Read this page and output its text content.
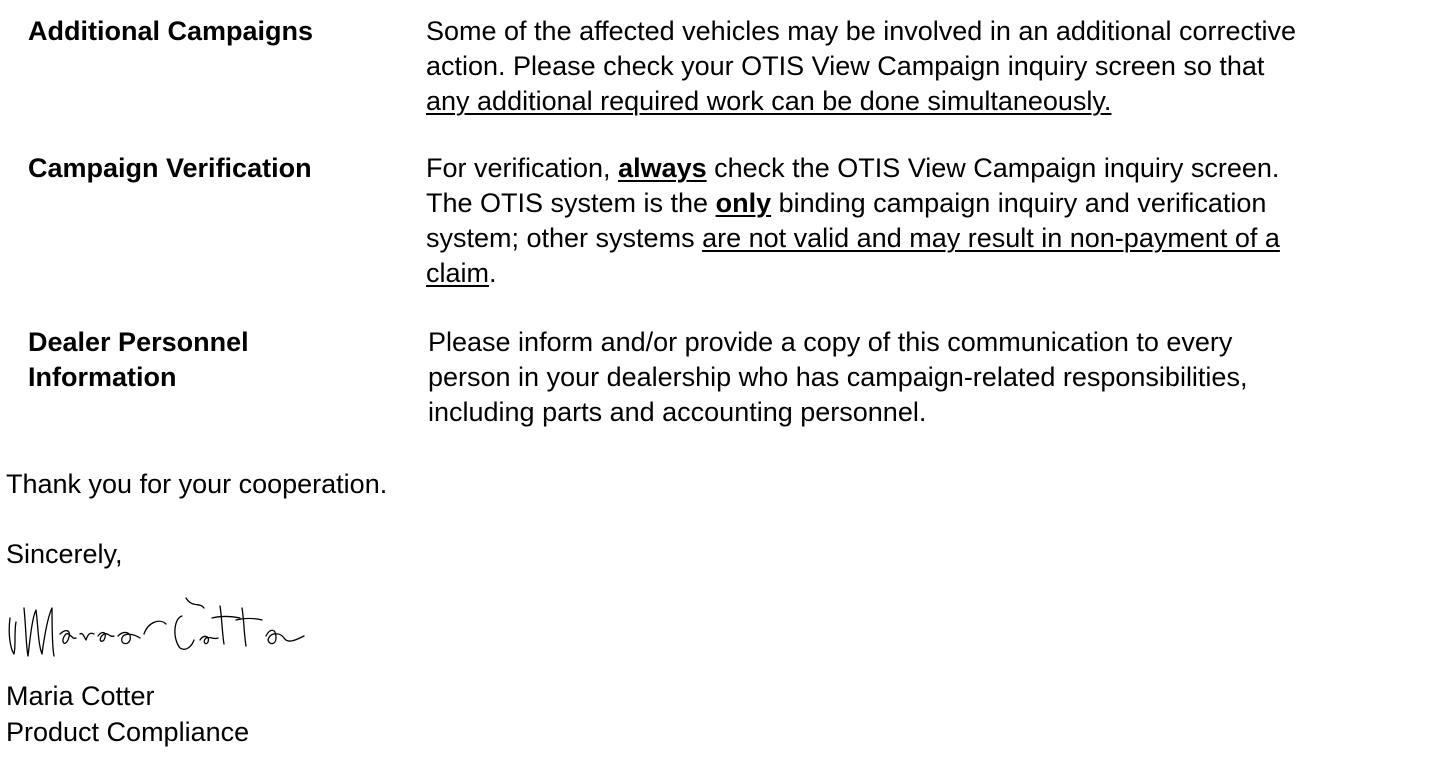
Additional Campaigns	Some of the affected vehicles may be involved in an additional corrective
action. Please check your OTIS View Campaign inquiry screen so that
any additional required work can be done simultaneously.
Campaign Verification	For verification, always check the OTIS View Campaign inquiry screen.
The OTIS system is the only binding campaign inquiry and verification
system; other systems are not valid and may result in non-payment of a
claim.
Dealer Personnel
Information
Please inform and/or provide a copy of this communication to every
person in your dealership who has campaign-related responsibilities,
including parts and accounting personnel.
Thank you for your cooperation.
Sincerely,
Maria Cotter
Product Compliance
